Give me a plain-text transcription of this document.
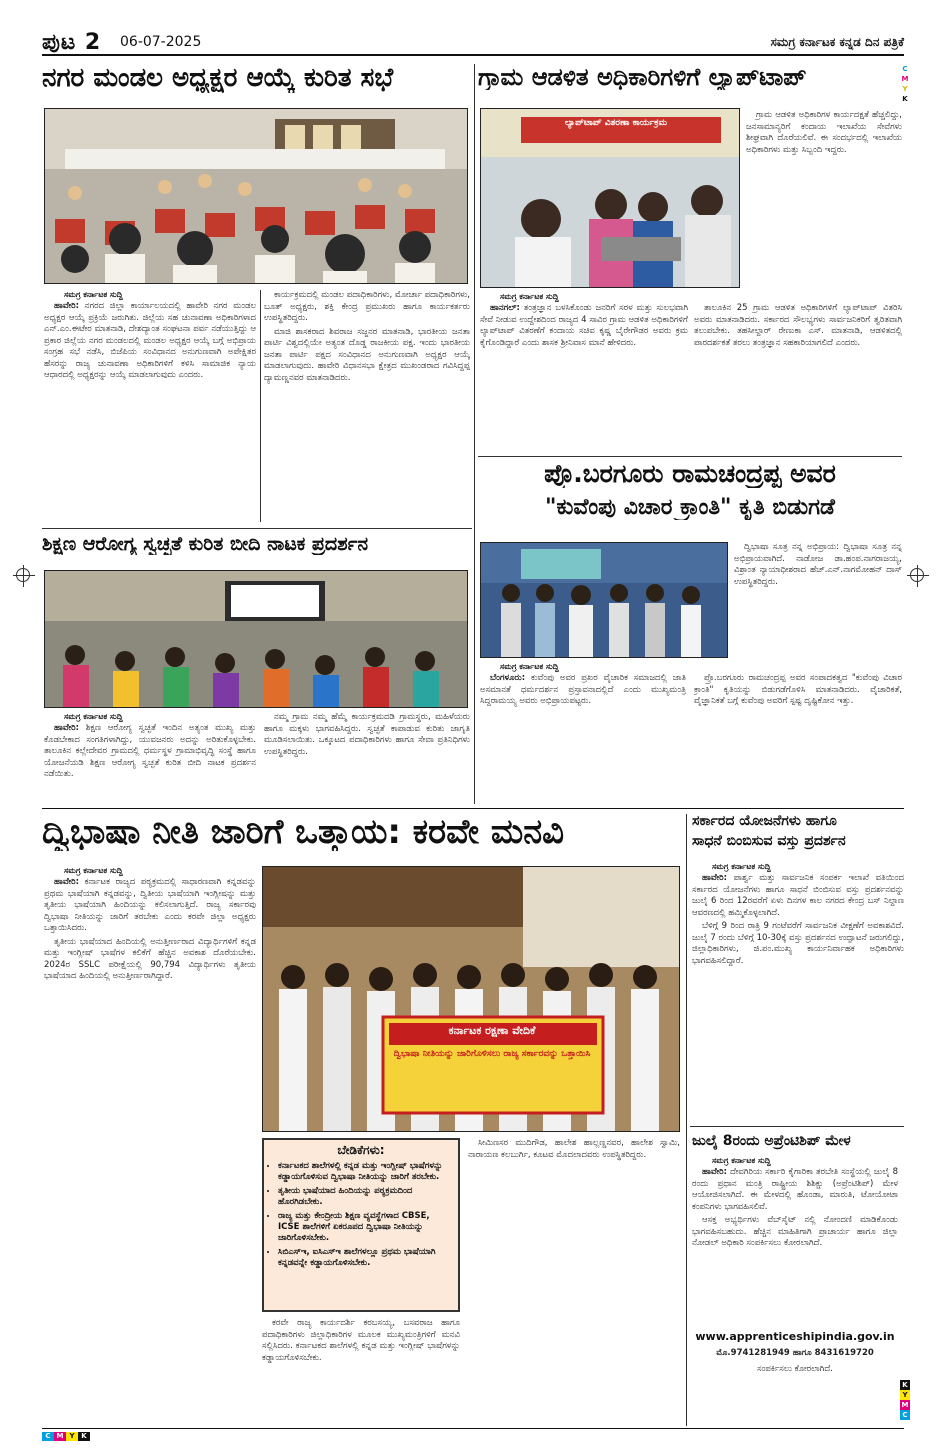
ಪುಟ 2 06-07-2025	ಸಮಗ್ರ ಕರ್ನಾಟಕ ಕನ್ನಡ ದಿನ ಪತ್ರಿಕೆ
C
M
Y
K
K
Y
M
C
C M Y K
ನಗರ ಮಂಡಲ ಅಧ್ಯಕ್ಷರ ಆಯ್ಕೆ ಕುರಿತ ಸಭೆ
ಸಮಗ್ರ ಕರ್ನಾಟಕ ಸುದ್ದಿ

ಹಾವೇರಿ: ನಗರದ ಜಿಲ್ಲಾ ಕಾರ್ಯಾಲಯದಲ್ಲಿ ಹಾವೇರಿ ನಗರ ಮಂಡಲ ಅಧ್ಯಕ್ಷರ ಆಯ್ಕೆ ಪ್ರಕ್ರಿಯೆ ಜರುಗಿತು. ಜಿಲ್ಲೆಯ ಸಹ ಚುನಾವಣಾ ಅಧಿಕಾರಿಗಳಾದ ಎನ್.ಎಂ.ಈಟೇರ ಮಾತನಾಡಿ, ದೇಶದ್ಯಾಂತ ಸಂಘಟನಾ ಪರ್ವ ನಡೆಯುತ್ತಿದ್ದು ಆ ಪ್ರಕಾರ ಜಿಲ್ಲೆಯ ನಗರ ಮಂಡಲದಲ್ಲಿ ಮಂಡಲ ಅಧ್ಯಕ್ಷರ ಆಯ್ಕೆ ಬಗ್ಗೆ ಅಭಿಪ್ರಾಯ ಸಂಗ್ರಹ ಸಭೆ ನಡೆಸಿ, ಬಿಜೆಪಿಯ ಸಂವಿಧಾನದ ಅನುಗುಣವಾಗಿ ಅಪೇಕ್ಷಿತರ ಹೆಸರನ್ನು ರಾಜ್ಯ ಚುನಾವಣಾ ಅಧಿಕಾರಿಗಳಿಗೆ ಕಳಿಸಿ ಸಾಮಾಜಿಕ ನ್ಯಾಯ ಆಧಾರದಲ್ಲಿ ಅಧ್ಯಕ್ಷರನ್ನು ಆಯ್ಕೆ ಮಾಡಲಾಗುವುದು ಎಂದರು.

ಕಾರ್ಯಕ್ರಮದಲ್ಲಿ ಮಂಡಲ ಪದಾಧಿಕಾರಿಗಳು, ಮೋರ್ಚಾ ಪದಾಧಿಕಾರಿಗಳು, ಬೂತ್ ಅಧ್ಯಕ್ಷರು, ಶಕ್ತಿ ಕೇಂದ್ರ ಪ್ರಮುಖರು ಹಾಗೂ ಕಾರ್ಯಕರ್ತರು ಉಪಸ್ಥಿತರಿದ್ದರು.

ಮಾಜಿ ಶಾಸಕರಾದ ಶಿವರಾಜ ಸಜ್ಜನರ ಮಾತನಾಡಿ, ಭಾರತೀಯ ಜನತಾ ಪಾರ್ಟಿ ವಿಶ್ವದಲ್ಲಿಯೇ ಅತ್ಯಂತ ದೊಡ್ಡ ರಾಜಕೀಯ ಪಕ್ಷ. ಇಂದು ಭಾರತೀಯ ಜನತಾ ಪಾರ್ಟಿ ಪಕ್ಷದ ಸಂವಿಧಾನದ ಅನುಗುಣವಾಗಿ ಅಧ್ಯಕ್ಷರ ಆಯ್ಕೆ ಮಾಡಲಾಗುವುದು. ಹಾವೇರಿ ವಿಧಾನಸಭಾ ಕ್ಷೇತ್ರದ ಮುಖಂಡರಾದ ಗವಿಸಿದ್ದಪ್ಪ ದ್ಯಾಮಣ್ಣನವರ ಮಾತನಾಡಿದರು.

ಗ್ರಾಮ ಆಡಳಿತ ಅಧಿಕಾರಿಗಳಿಗೆ ಲ್ಯಾಪ್‌ಟಾಪ್
ಲ್ಯಾಪ್‌ಟಾಪ್ ವಿತರಣಾ ಕಾರ್ಯಕ್ರಮ
ಸಮಗ್ರ ಕರ್ನಾಟಕ ಸುದ್ದಿ

ಹಾನಗಲ್: ತಂತ್ರಜ್ಞಾನ ಬಳಸಿಕೊಂಡು ಜನರಿಗೆ ಸರಳ ಮತ್ತು ಸುಲಭವಾಗಿ ಸೇವೆ ನೀಡುವ ಉದ್ದೇಶದಿಂದ ರಾಜ್ಯದ 4 ಸಾವಿರ ಗ್ರಾಮ ಆಡಳಿತ ಅಧಿಕಾರಿಗಳಿಗೆ ಲ್ಯಾಪ್‌ಟಾಪ್ ವಿತರಣೆಗೆ ಕಂದಾಯ ಸಚಿವ ಕೃಷ್ಣ ಬೈರೇಗೌಡರ ಅವರು ಕ್ರಮ ಕೈಗೊಂಡಿದ್ದಾರೆ ಎಂದು ಶಾಸಕ ಶ್ರೀನಿವಾಸ ಮಾನೆ ಹೇಳಿದರು.

ತಾಲೂಕಿನ 25 ಗ್ರಾಮ ಆಡಳಿತ ಅಧಿಕಾರಿಗಳಿಗೆ ಲ್ಯಾಪ್‌ಟಾಪ್ ವಿತರಿಸಿ ಅವರು ಮಾತನಾಡಿದರು. ಸರ್ಕಾರದ ಸೌಲಭ್ಯಗಳು ಸಾರ್ವಜನಿಕರಿಗೆ ತ್ವರಿತವಾಗಿ ತಲುಪಬೇಕು. ತಹಸೀಲ್ದಾರ್ ರೇಣುಕಾ ಎಸ್. ಮಾತನಾಡಿ, ಆಡಳಿತದಲ್ಲಿ ಪಾರದರ್ಶಕತೆ ತರಲು ತಂತ್ರಜ್ಞಾನ ಸಹಕಾರಿಯಾಗಲಿದೆ ಎಂದರು.

ಗ್ರಾಮ ಆಡಳಿತ ಅಧಿಕಾರಿಗಳ ಕಾರ್ಯದಕ್ಷತೆ ಹೆಚ್ಚಲಿದ್ದು, ಜನಸಾಮಾನ್ಯರಿಗೆ ಕಂದಾಯ ಇಲಾಖೆಯ ಸೇವೆಗಳು ಶೀಘ್ರವಾಗಿ ದೊರೆಯಲಿವೆ. ಈ ಸಂದರ್ಭದಲ್ಲಿ ಇಲಾಖೆಯ ಅಧಿಕಾರಿಗಳು ಮತ್ತು ಸಿಬ್ಬಂದಿ ಇದ್ದರು.

ಪ್ರೊ.ಬರಗೂರು ರಾಮಚಂದ್ರಪ್ಪ ಅವರ
"ಕುವೆಂಪು ವಿಚಾರ ಕ್ರಾಂತಿ" ಕೃತಿ ಬಿಡುಗಡೆ

ದ್ವಿಭಾಷಾ ಸೂತ್ರ ನನ್ನ ಅಭಿಪ್ರಾಯ: ದ್ವಿಭಾಷಾ ಸೂತ್ರ ನನ್ನ ಅಭಿಪ್ರಾಯವಾಗಿದೆ. ನಾಡೋಜ ಡಾ.ಹಂಪ.ನಾಗರಾಜಯ್ಯ, ವಿಶ್ರಾಂತ ನ್ಯಾಯಾಧೀಶರಾದ ಹೆಚ್.ಎನ್.ನಾಗಮೋಹನ್ ದಾಸ್ ಉಪಸ್ಥಿತರಿದ್ದರು.

ಸಮಗ್ರ ಕರ್ನಾಟಕ ಸುದ್ದಿ

ಬೆಂಗಳೂರು: ಕುವೆಂಪು ಅವರ ಪ್ರಖರ ವೈಚಾರಿಕ ಸಮಾಜದಲ್ಲಿ ಜಾತಿ ಅಸಮಾನತೆ ಧರ್ಮದರ್ಶನ ಪ್ರಸ್ತಾವನಾದಲ್ಲಿದೆ ಎಂದು ಮುಖ್ಯಮಂತ್ರಿ ಸಿದ್ದರಾಮಯ್ಯ ಅವರು ಅಭಿಪ್ರಾಯಪಟ್ಟರು.

ಪ್ರೊ.ಬರಗೂರು ರಾಮಚಂದ್ರಪ್ಪ ಅವರ ಸಂಪಾದಕತ್ವದ "ಕುವೆಂಪು ವಿಚಾರ ಕ್ರಾಂತಿ" ಕೃತಿಯನ್ನು ಬಿಡುಗಡೆಗೊಳಿಸಿ ಮಾತನಾಡಿದರು. ವೈಚಾರಿಕತೆ, ವೈಜ್ಞಾನಿಕತೆ ಬಗ್ಗೆ ಕುವೆಂಪು ಅವರಿಗೆ ಸ್ಪಷ್ಟ ದೃಷ್ಟಿಕೋನ ಇತ್ತು.

ಶಿಕ್ಷಣ ಆರೋಗ್ಯ ಸ್ವಚ್ಛತೆ ಕುರಿತ ಬೀದಿ ನಾಟಕ ಪ್ರದರ್ಶನ
ಸಮಗ್ರ ಕರ್ನಾಟಕ ಸುದ್ದಿ

ಹಾವೇರಿ: ಶಿಕ್ಷಣ ಆರೋಗ್ಯ ಸ್ವಚ್ಛತೆ ಇಂದಿನ ಅತ್ಯಂತ ಮುಖ್ಯ ಮತ್ತು ಕೊಡಬೇಕಾದ ಸಂಗತಿಗಳಾಗಿದ್ದು, ಯುವಜನರು ಅದನ್ನು ಅರಿತುಕೊಳ್ಳಬೇಕು. ತಾಲೂಕಿನ ಕಲ್ಲೇದೇವರ ಗ್ರಾಮದಲ್ಲಿ ಧರ್ಮಸ್ಥಳ ಗ್ರಾಮಾಭಿವೃದ್ಧಿ ಸಂಸ್ಥೆ ಹಾಗೂ ಯೋಜನೆಯಡಿ ಶಿಕ್ಷಣ ಆರೋಗ್ಯ ಸ್ವಚ್ಛತೆ ಕುರಿತ ಬೀದಿ ನಾಟಕ ಪ್ರದರ್ಶನ ನಡೆಯಿತು.

ನಮ್ಮ ಗ್ರಾಮ ನಮ್ಮ ಹೆಮ್ಮೆ ಕಾರ್ಯಕ್ರಮದಡಿ ಗ್ರಾಮಸ್ಥರು, ಮಹಿಳೆಯರು ಹಾಗೂ ಮಕ್ಕಳು ಭಾಗವಹಿಸಿದ್ದರು. ಸ್ವಚ್ಛತೆ ಕಾಪಾಡುವ ಕುರಿತು ಜಾಗೃತಿ ಮೂಡಿಸಲಾಯಿತು. ಒಕ್ಕೂಟದ ಪದಾಧಿಕಾರಿಗಳು ಹಾಗೂ ಸೇವಾ ಪ್ರತಿನಿಧಿಗಳು ಉಪಸ್ಥಿತರಿದ್ದರು.

ದ್ವಿಭಾಷಾ ನೀತಿ ಜಾರಿಗೆ ಒತ್ತಾಯ: ಕರವೇ ಮನವಿ
ಸಮಗ್ರ ಕರ್ನಾಟಕ ಸುದ್ದಿ

ಹಾವೇರಿ: ಕರ್ನಾಟಕ ರಾಜ್ಯದ ಪಠ್ಯಕ್ರಮದಲ್ಲಿ ಸಾಧಾರಣವಾಗಿ ಕನ್ನಡವನ್ನು ಪ್ರಥಮ ಭಾಷೆಯಾಗಿ ಕನ್ನಡವನ್ನು, ದ್ವಿತೀಯ ಭಾಷೆಯಾಗಿ ಇಂಗ್ಲೀಷನ್ನು ಮತ್ತು ತೃತೀಯ ಭಾಷೆಯಾಗಿ ಹಿಂದಿಯನ್ನು ಕಲಿಸಲಾಗುತ್ತಿದೆ. ರಾಜ್ಯ ಸರ್ಕಾರವು ದ್ವಿಭಾಷಾ ನೀತಿಯನ್ನು ಜಾರಿಗೆ ತರಬೇಕು ಎಂದು ಕರವೇ ಜಿಲ್ಲಾ ಅಧ್ಯಕ್ಷರು ಒತ್ತಾಯಿಸಿದರು.

ತೃತೀಯ ಭಾಷೆಯಾದ ಹಿಂದಿಯಲ್ಲಿ ಅನುತ್ತೀರ್ಣರಾದ ವಿದ್ಯಾರ್ಥಿಗಳಿಗೆ ಕನ್ನಡ ಮತ್ತು ಇಂಗ್ಲೀಷ್ ಭಾಷೆಗಳ ಕಲಿಕೆಗೆ ಹೆಚ್ಚಿನ ಅವಕಾಶ ದೊರೆಯಬೇಕು. 2024ರ SSLC ಪರೀಕ್ಷೆಯಲ್ಲಿ 90,794 ವಿದ್ಯಾರ್ಥಿಗಳು ತೃತೀಯ ಭಾಷೆಯಾದ ಹಿಂದಿಯಲ್ಲಿ ಅನುತ್ತೀರ್ಣರಾಗಿದ್ದಾರೆ.

ಕರ್ನಾಟಕ ರಕ್ಷಣಾ ವೇದಿಕೆ
ದ್ವಿಭಾಷಾ ನೀತಿಯನ್ನು ಜಾರಿಗೊಳಿಸಲು ರಾಜ್ಯ ಸರ್ಕಾರವನ್ನು ಒತ್ತಾಯಿಸಿ
ಬೇಡಿಕೆಗಳು:
• ಕರ್ನಾಟಕದ ಶಾಲೆಗಳಲ್ಲಿ ಕನ್ನಡ ಮತ್ತು ಇಂಗ್ಲೀಷ್ ಭಾಷೆಗಳನ್ನು ಕಡ್ಡಾಯಗೊಳಿಸುವ ದ್ವಿಭಾಷಾ ನೀತಿಯನ್ನು ಜಾರಿಗೆ ತರಬೇಕು.
• ತೃತೀಯ ಭಾಷೆಯಾದ ಹಿಂದಿಯನ್ನು ಪಠ್ಯಕ್ರಮದಿಂದ ಹೊರಗಿಡಬೇಕು.
• ರಾಜ್ಯ ಮತ್ತು ಕೇಂದ್ರೀಯ ಶಿಕ್ಷಣ ವ್ಯವಸ್ಥೆಗಳಾದ CBSE, ICSE ಶಾಲೆಗಳಿಗೆ ಏಕರೂಪದ ದ್ವಿಭಾಷಾ ನೀತಿಯನ್ನು ಜಾರಿಗೊಳಿಸಬೇಕು.
• ಸಿಬಿಎಸ್‌ಇ, ಐಸಿಎಸ್‌ಇ ಶಾಲೆಗಳಲ್ಲೂ ಪ್ರಥಮ ಭಾಷೆಯಾಗಿ ಕನ್ನಡವನ್ನೇ ಕಡ್ಡಾಯಗೊಳಿಸಬೇಕು.

ಕರವೇ ರಾಜ್ಯ ಕಾರ್ಯದರ್ಶಿ ಕರಬಸಯ್ಯ, ಬಸವರಾಜ ಹಾಗೂ ಪದಾಧಿಕಾರಿಗಳು ಜಿಲ್ಲಾಧಿಕಾರಿಗಳ ಮೂಲಕ ಮುಖ್ಯಮಂತ್ರಿಗಳಿಗೆ ಮನವಿ ಸಲ್ಲಿಸಿದರು. ಕರ್ನಾಟಕದ ಶಾಲೆಗಳಲ್ಲಿ ಕನ್ನಡ ಮತ್ತು ಇಂಗ್ಲೀಷ್ ಭಾಷೆಗಳನ್ನು ಕಡ್ಡಾಯಗೊಳಿಸಬೇಕು.

ಸೀಮಿಣಸರ ಮುದಿಗೌಡ, ಹಾಲೇಶ ಹಾಲ್ಲಣ್ಣನವರ, ಹಾಲೇಶ ಸ್ವಾಮಿ, ನಾರಾಯಣ ಕಲಬುರ್ಗಿ, ಕೂಟವ ಮೊದಲಾದವರು ಉಪಸ್ಥಿತರಿದ್ದರು.

ಸರ್ಕಾರದ ಯೋಜನೆಗಳು ಹಾಗೂ
ಸಾಧನೆ ಬಿಂಬಿಸುವ ವಸ್ತು ಪ್ರದರ್ಶನ
ಸಮಗ್ರ ಕರ್ನಾಟಕ ಸುದ್ದಿ

ಹಾವೇರಿ: ಪಾರ್ಶ್ವ ಮತ್ತು ಸಾರ್ವಜನಿಕ ಸಂಪರ್ಕ ಇಲಾಖೆ ವತಿಯಿಂದ ಸರ್ಕಾರದ ಯೋಜನೆಗಳು ಹಾಗೂ ಸಾಧನೆ ಬಿಂಬಿಸುವ ವಸ್ತು ಪ್ರದರ್ಶನವನ್ನು ಜುಲೈ 6 ರಿಂದ 12ರವರೆಗೆ ಏಳು ದಿನಗಳ ಕಾಲ ನಗರದ ಕೇಂದ್ರ ಬಸ್ ನಿಲ್ದಾಣ ಆವರಣದಲ್ಲಿ ಹಮ್ಮಿಕೊಳ್ಳಲಾಗಿದೆ.

ಬೆಳಿಗ್ಗೆ 9 ರಿಂದ ರಾತ್ರಿ 9 ಗಂಟೆವರೆಗೆ ಸಾರ್ವಜನಿಕ ವೀಕ್ಷಣೆಗೆ ಅವಕಾಶವಿದೆ. ಜುಲೈ 7 ರಂದು ಬೆಳಿಗ್ಗೆ 10-30ಕ್ಕೆ ವಸ್ತು ಪ್ರದರ್ಶನದ ಉದ್ಘಾಟನೆ ಜರುಗಲಿದ್ದು, ಜಿಲ್ಲಾಧಿಕಾರಿಗಳು, ಜಿ.ಪಂ.ಮುಖ್ಯ ಕಾರ್ಯನಿರ್ವಾಹಕ ಅಧಿಕಾರಿಗಳು ಭಾಗವಹಿಸಲಿದ್ದಾರೆ.

ಜುಲೈ 8ರಂದು ಅಪ್ರೆಂಟಿಶಿಪ್ ಮೇಳ
ಸಮಗ್ರ ಕರ್ನಾಟಕ ಸುದ್ದಿ

ಹಾವೇರಿ: ದೇವಗಿರಿಯ ಸರ್ಕಾರಿ ಕೈಗಾರಿಕಾ ತರಬೇತಿ ಸಂಸ್ಥೆಯಲ್ಲಿ ಜುಲೈ 8 ರಂದು ಪ್ರಧಾನ ಮಂತ್ರಿ ರಾಷ್ಟ್ರೀಯ ಶಿಶಿಕ್ಷು (ಅಪ್ರೆಂಟಿಶಿಪ್) ಮೇಳ ಆಯೋಜಿಸಲಾಗಿದೆ. ಈ ಮೇಳದಲ್ಲಿ ಹೊಂಡಾ, ಮಾರುತಿ, ಟೋಯೋಟಾ ಕಂಪನಿಗಳು ಭಾಗವಹಿಸಲಿವೆ.

ಆಸಕ್ತ ಅಭ್ಯರ್ಥಿಗಳು ವೆಬ್‌ಸೈಟ್ ನಲ್ಲಿ ನೋಂದಣಿ ಮಾಡಿಕೊಂಡು ಭಾಗವಹಿಸಬಹುದು. ಹೆಚ್ಚಿನ ಮಾಹಿತಿಗಾಗಿ ಪ್ರಾಚಾರ್ಯ ಹಾಗೂ ಜಿಲ್ಲಾ ನೋಡಲ್ ಅಧಿಕಾರಿ ಸಂಪರ್ಕಿಸಲು ಕೋರಲಾಗಿದೆ.

www.apprenticeshipindia.gov.in
ಮೊ.9741281949 ಹಾಗೂ 8431619720
ಸಂಪರ್ಕಿಸಲು ಕೋರಲಾಗಿದೆ.
